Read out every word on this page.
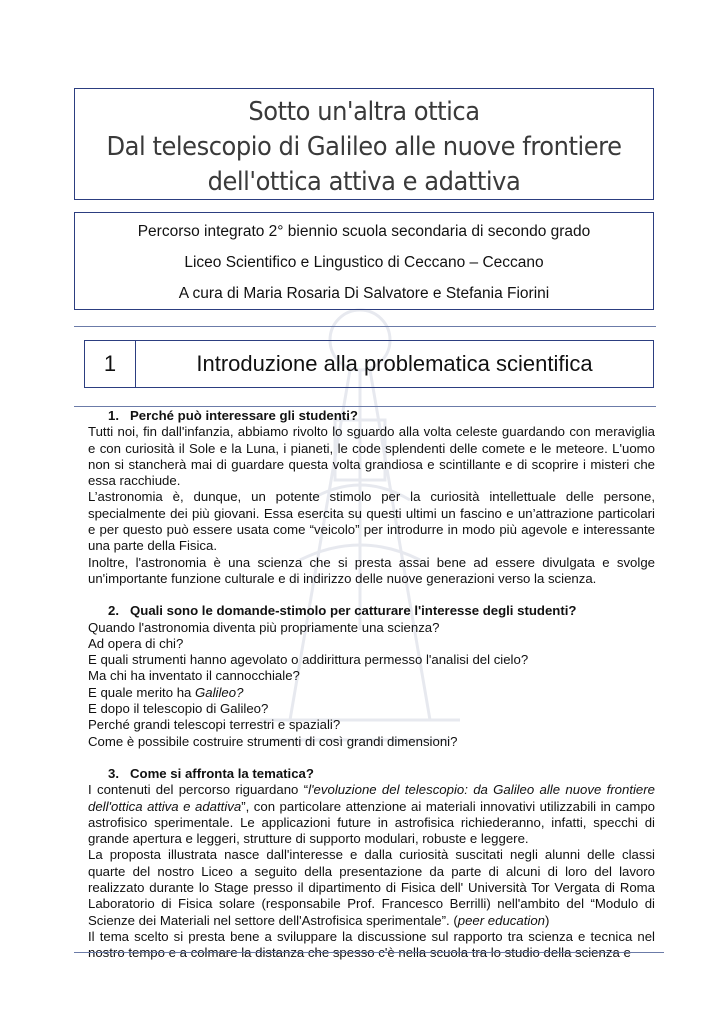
Sotto un'altra ottica
Dal telescopio di Galileo alle nuove frontiere
dell'ottica attiva e adattiva
Percorso integrato 2° biennio scuola secondaria di secondo grado
Liceo Scientifico e Lingustico di Ceccano – Ceccano
A cura di Maria Rosaria Di Salvatore e Stefania Fiorini
1	Introduzione alla problematica scientifica

1. Perché può interessare gli studenti?

Tutti noi, fin dall'infanzia, abbiamo rivolto lo sguardo alla volta celeste guardando con meraviglia e con curiosità il Sole e la Luna, i pianeti, le code splendenti delle comete e le meteore. L'uomo non si stancherà mai di guardare questa volta grandiosa e scintillante e di scoprire i misteri che essa racchiude.

L’astronomia è, dunque, un potente stimolo per la curiosità intellettuale delle persone, specialmente dei più giovani. Essa esercita su questi ultimi un fascino e un’attrazione particolari e per questo può essere usata come “veicolo” per introdurre in modo più agevole e interessante una parte della Fisica.

Inoltre, l'astronomia è una scienza che si presta assai bene ad essere divulgata e svolge un'importante funzione culturale e di indirizzo delle nuove generazioni verso la scienza.

2. Quali sono le domande-stimolo per catturare l'interesse degli studenti?

Quando l'astronomia diventa più propriamente una scienza?
Ad opera di chi?
E quali strumenti hanno agevolato o addirittura permesso l'analisi del cielo?
Ma chi ha inventato il cannocchiale?
E quale merito ha Galileo?
E dopo il telescopio di Galileo?
Perché grandi telescopi terrestri e spaziali?
Come è possibile costruire strumenti di così grandi dimensioni?

3. Come si affronta la tematica?

I contenuti del percorso riguardano “l'evoluzione del telescopio: da Galileo alle nuove frontiere dell'ottica attiva e adattiva”, con particolare attenzione ai materiali innovativi utilizzabili in campo astrofisico sperimentale. Le applicazioni future in astrofisica richiederanno, infatti, specchi di grande apertura e leggeri, strutture di supporto modulari, robuste e leggere.

La proposta illustrata nasce dall'interesse e dalla curiosità suscitati negli alunni delle classi quarte del nostro Liceo a seguito della presentazione da parte di alcuni di loro del lavoro realizzato durante lo Stage presso il dipartimento di Fisica dell' Università Tor Vergata di Roma Laboratorio di Fisica solare (responsabile Prof. Francesco Berrilli) nell'ambito del “Modulo di Scienze dei Materiali nel settore dell'Astrofisica sperimentale”. (peer education)

Il tema scelto si presta bene a sviluppare la discussione sul rapporto tra scienza e tecnica nel nostro tempo e a colmare la distanza che spesso c'è nella scuola tra lo studio della scienza e
